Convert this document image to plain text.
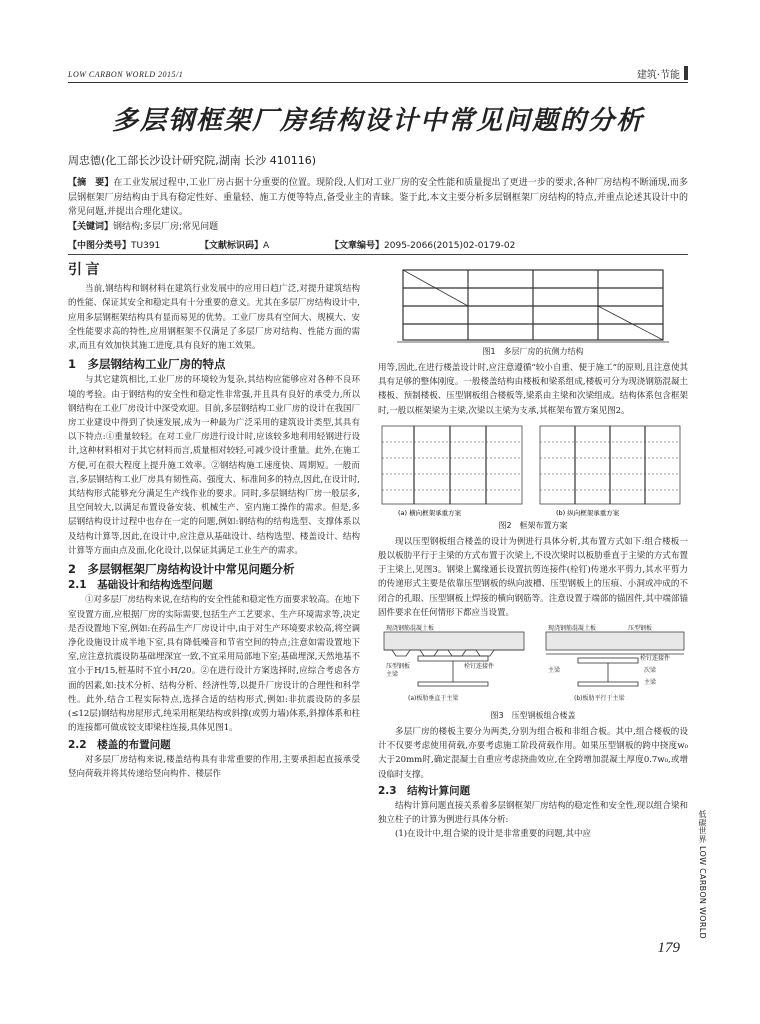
LOW CARBON WORLD 2015/1	建筑·节能
多层钢框架厂房结构设计中常见问题的分析
周忠德(化工部长沙设计研究院,湖南 长沙 410116)
【摘　要】在工业发展过程中,工业厂房占据十分重要的位置。现阶段,人们对工业厂房的安全性能和质量提出了更进一步的要求,各种厂房结构不断涌现,而多层钢框架厂房结构由于具有稳定性好、重量轻、施工方便等特点,备受业主的青睐。鉴于此,本文主要分析多层钢框架厂房结构的特点,并重点论述其设计中的常见问题,并提出合理化建议。
【关键词】钢结构;多层厂房;常见问题
【中图分类号】TU391	【文献标识码】A	【文章编号】2095-2066(2015)02-0179-02
引 言

当前,钢结构和钢材料在建筑行业发展中的应用日趋广泛,对提升建筑结构的性能、保证其安全和稳定具有十分重要的意义。尤其在多层厂房结构设计中,应用多层钢框架结构具有显而易见的优势。工业厂房具有空间大、规模大、安全性能要求高的特性,应用钢框架不仅满足了多层厂房对结构、性能方面的需求,而且有效加快其施工进度,具有良好的施工效果。

1　多层钢结构工业厂房的特点

与其它建筑相比,工业厂房的环境较为复杂,其结构应能够应对各种不良环境的考验。由于钢结构的安全性和稳定性非常强,并且具有良好的承受力,所以钢结构在工业厂房设计中深受欢迎。目前,多层钢结构工业厂房的设计在我国厂房工业建设中得到了快速发展,成为一种最为广泛采用的建筑设计类型,其具有以下特点:①重量较轻。在对工业厂房进行设计时,应该较多地利用轻钢进行设计,这种材料相对于其它材料而言,质量相对较轻,可减少设计重量。此外,在施工方便,可在很大程度上提升施工效率。②钢结构施工速度快、周期短。一般而言,多层钢结构工业厂房具有韧性高、强度大、标准间多的特点,因此,在设计时,其结构形式能够充分满足生产线作业的要求。同时,多层钢结构厂房一般层多,且空间较大,以满足布置设备安装、机械生产、室内施工操作的需求。但是,多层钢结构设计过程中也存在一定的问题,例如:钢结构的结构选型、支撑体系以及结构计算等,因此,在设计中,应注意从基础设计、结构选型、楼盖设计、结构计算等方面由点及面,化化设计,以保证其满足工业生产的需求。

2　多层钢框架厂房结构设计中常见问题分析
2.1　基础设计和结构选型问题

①对多层厂房结构来说,在结构的安全性能和稳定性方面要求较高。在地下室设置方面,应根据厂房的实际需要,包括生产工艺要求、生产环境需求等,决定是否设置地下室,例如:在药品生产厂房设计中,由于对生产环境要求较高,将空调净化设施设计成半地下室,具有降低噪音和节省空间的特点;注意如需设置地下室,应注意抗震设防基础埋深宜一致,不宜采用局部地下室;基础埋深,天然地基不宜小于H/15,桩基时不宜小H/20。②在进行设计方案选择时,应综合考虑各方面的因素,如:技术分析、结构分析、经济性等,以提升厂房设计的合理性和科学性。此外,结合工程实际特点,选择合适的结构形式,例如:非抗震设防的多层(≤12层)钢结构房屋形式,纯采用框架结构或斜撑(或剪力墙)体系,斜撑体系和柱的连接都可做成铰支即梁柱连接,具体见图1。

2.2　楼盖的布置问题

对多层厂房结构来说,楼盖结构具有非常重要的作用,主要承担起直接承受竖向荷载并将其传递给竖向构件、楼层作

图1　多层厂房的抗侧力结构

用等,因此,在进行楼盖设计时,应注意遵循“较小自重、便于施工”的原则,且注意使其具有足够的整体刚度。一般楼盖结构由楼板和梁系组成,楼板可分为现浇钢筋混凝土楼板、预制楼板、压型钢板组合楼板等,梁系由主梁和次梁组成。结构体系包含框架时,一般以框架梁为主梁,次梁以主梁为支承,其框架布置方案见图2。

(a) 横向框架承重方案	(b) 纵向框架承重方案
图2　框架布置方案

现以压型钢板组合楼盖的设计为例进行具体分析,其布置方式如下:组合楼板一般以板肋平行于主梁的方式布置于次梁上,不设次梁时以板肋垂直于主梁的方式布置于主梁上,见图3。钢梁上翼缘通长设置抗剪连接件(栓钉)传递水平剪力,其水平剪力的传递形式主要是依靠压型钢板的纵向波槽、压型钢板上的压痕、小洞或冲成的不闭合的孔眼、压型钢板上焊接的横向钢筋等。注意设置于端部的锚固件,其中端部锚固件要求在任何情形下都应当设置。

现浇钢筋混凝土板
压型钢板
主梁
栓钉连接件
现浇钢筋混凝土板	压型钢板
主梁
栓钉连接件
次梁
主梁
(a)板肋垂直于主梁	(b)板肋平行于主梁
图3　压型钢板组合楼盖

多层厂房的楼板主要分为两类,分别为组合板和非组合板。其中,组合楼板的设计不仅要考虑使用荷载,亦要考虑施工阶段荷载作用。如果压型钢板的跨中挠度w₀大于20mm时,确定混凝土自重应考虑挠曲效应,在全跨增加混凝土厚度0.7w₀,或增设临时支撑。

2.3　结构计算问题

结构计算问题直接关系着多层钢框架厂房结构的稳定性和安全性,现以组合梁和独立柱子的计算为例进行具体分析:

(1)在设计中,组合梁的设计是非常重要的问题,其中应	低碳世界 LOW CARBON WORLD
179
